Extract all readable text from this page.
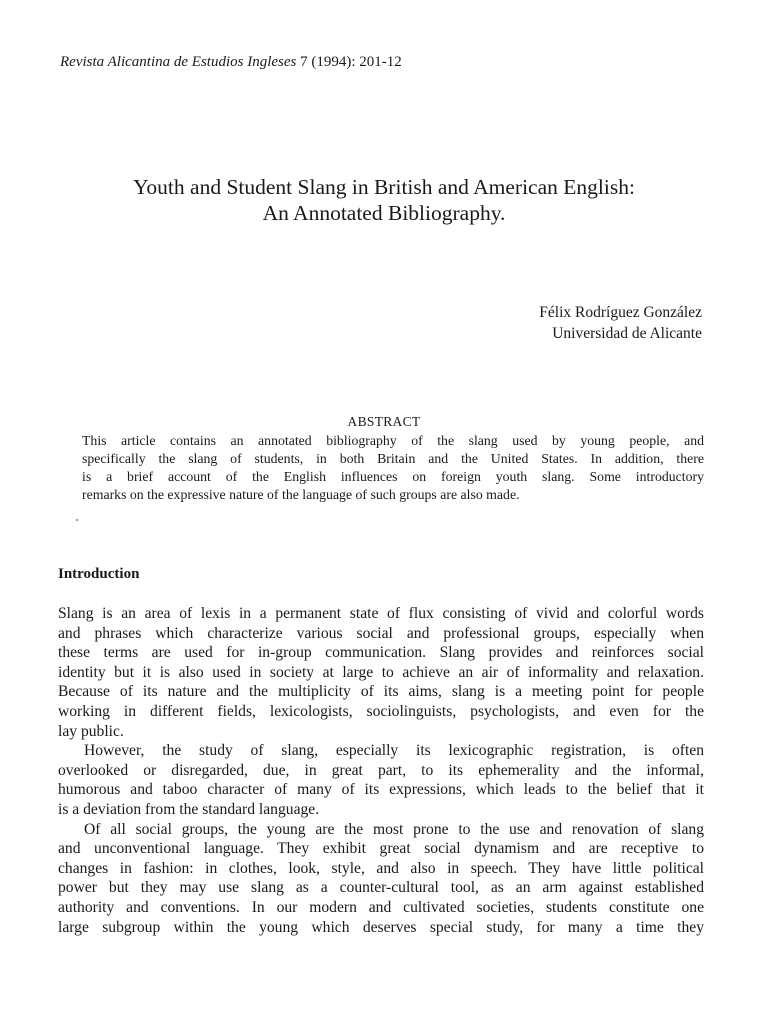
Revista Alicantina de Estudios Ingleses 7 (1994): 201-12
Youth and Student Slang in British and American English:
An Annotated Bibliography.
Félix Rodríguez González
Universidad de Alicante
ABSTRACT
This article contains an annotated bibliography of the slang used by young people, and
specifically the slang of students, in both Britain and the United States. In addition, there
is a brief account of the English influences on foreign youth slang. Some introductory
remarks on the expressive nature of the language of such groups are also made.
Introduction
Slang is an area of lexis in a permanent state of flux consisting of vivid and colorful words
and phrases which characterize various social and professional groups, especially when
these terms are used for in-group communication. Slang provides and reinforces social
identity but it is also used in society at large to achieve an air of informality and relaxation.
Because of its nature and the multiplicity of its aims, slang is a meeting point for people
working in different fields, lexicologists, sociolinguists, psychologists, and even for the
lay public.
However, the study of slang, especially its lexicographic registration, is often
overlooked or disregarded, due, in great part, to its ephemerality and the informal,
humorous and taboo character of many of its expressions, which leads to the belief that it
is a deviation from the standard language.
Of all social groups, the young are the most prone to the use and renovation of slang
and unconventional language. They exhibit great social dynamism and are receptive to
changes in fashion: in clothes, look, style, and also in speech. They have little political
power but they may use slang as a counter-cultural tool, as an arm against established
authority and conventions. In our modern and cultivated societies, students constitute one
large subgroup within the young which deserves special study, for many a time they
